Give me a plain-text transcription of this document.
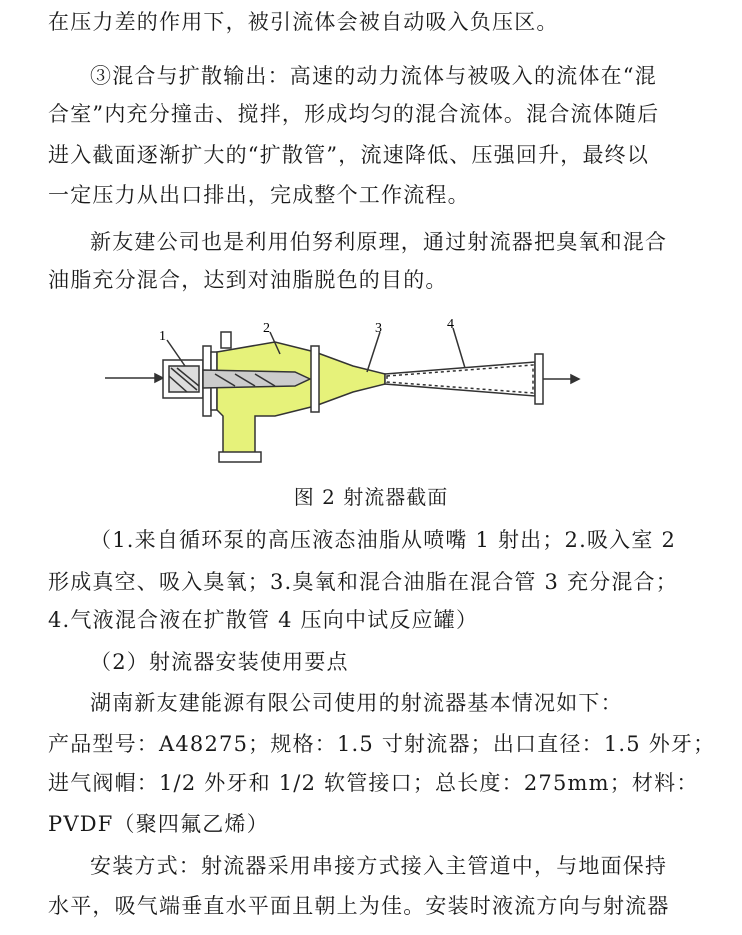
在压力差的作用下，被引流体会被自动吸入负压区。
③混合与扩散输出：高速的动力流体与被吸入的流体在“混
合室”内充分撞击、搅拌，形成均匀的混合流体。混合流体随后
进入截面逐渐扩大的“扩散管”，流速降低、压强回升，最终以
一定压力从出口排出，完成整个工作流程。
新友建公司也是利用伯努利原理，通过射流器把臭氧和混合
油脂充分混合，达到对油脂脱色的目的。
1
2	3	4
图 2 射流器截面
（1.来自循环泵的高压液态油脂从喷嘴 1 射出；2.吸入室 2
形成真空、吸入臭氧；3.臭氧和混合油脂在混合管 3 充分混合；
4.气液混合液在扩散管 4 压向中试反应罐）
（2）射流器安装使用要点
湖南新友建能源有限公司使用的射流器基本情况如下：
产品型号：A48275；规格：1.5 寸射流器；出口直径：1.5 外牙；
进气阀帽：1/2 外牙和 1/2 软管接口；总长度：275mm；材料：
PVDF（聚四氟乙烯）
安装方式：射流器采用串接方式接入主管道中，与地面保持
水平，吸气端垂直水平面且朝上为佳。安装时液流方向与射流器
